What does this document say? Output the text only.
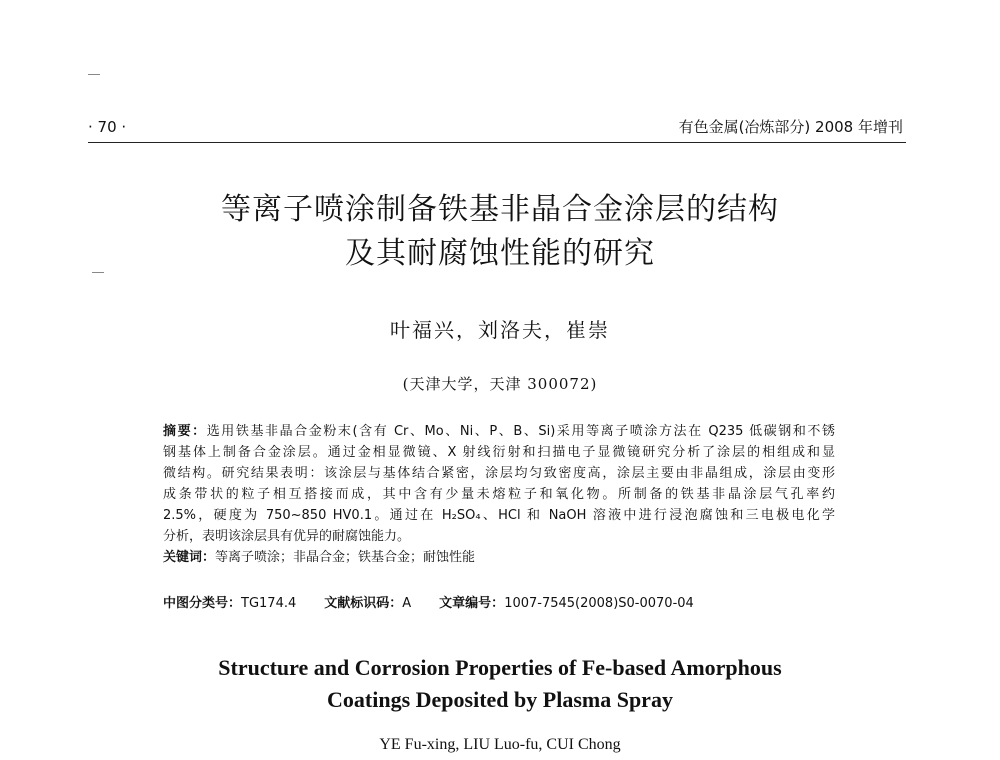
· 70 ·	有色金属(冶炼部分) 2008 年增刊
等离子喷涂制备铁基非晶合金涂层的结构
及其耐腐蚀性能的研究
叶福兴，刘洛夫，崔崇
(天津大学，天津 300072)
摘要：选用铁基非晶合金粉末(含有 Cr、Mo、Ni、P、B、Si)采用等离子喷涂方法在 Q235 低碳钢和不锈
钢基体上制备合金涂层。通过金相显微镜、X 射线衍射和扫描电子显微镜研究分析了涂层的相组成和显
微结构。研究结果表明：该涂层与基体结合紧密，涂层均匀致密度高，涂层主要由非晶组成，涂层由变形
成条带状的粒子相互搭接而成，其中含有少量未熔粒子和氧化物。所制备的铁基非晶涂层气孔率约
2.5%，硬度为 750~850 HV0.1。通过在 H₂SO₄、HCl 和 NaOH 溶液中进行浸泡腐蚀和三电极电化学
分析，表明该涂层具有优异的耐腐蚀能力。
关键词：等离子喷涂；非晶合金；铁基合金；耐蚀性能
中图分类号：TG174.4 文献标识码：A 文章编号：1007-7545(2008)S0-0070-04
Structure and Corrosion Properties of Fe-based Amorphous
Coatings Deposited by Plasma Spray
YE Fu-xing, LIU Luo-fu, CUI Chong
